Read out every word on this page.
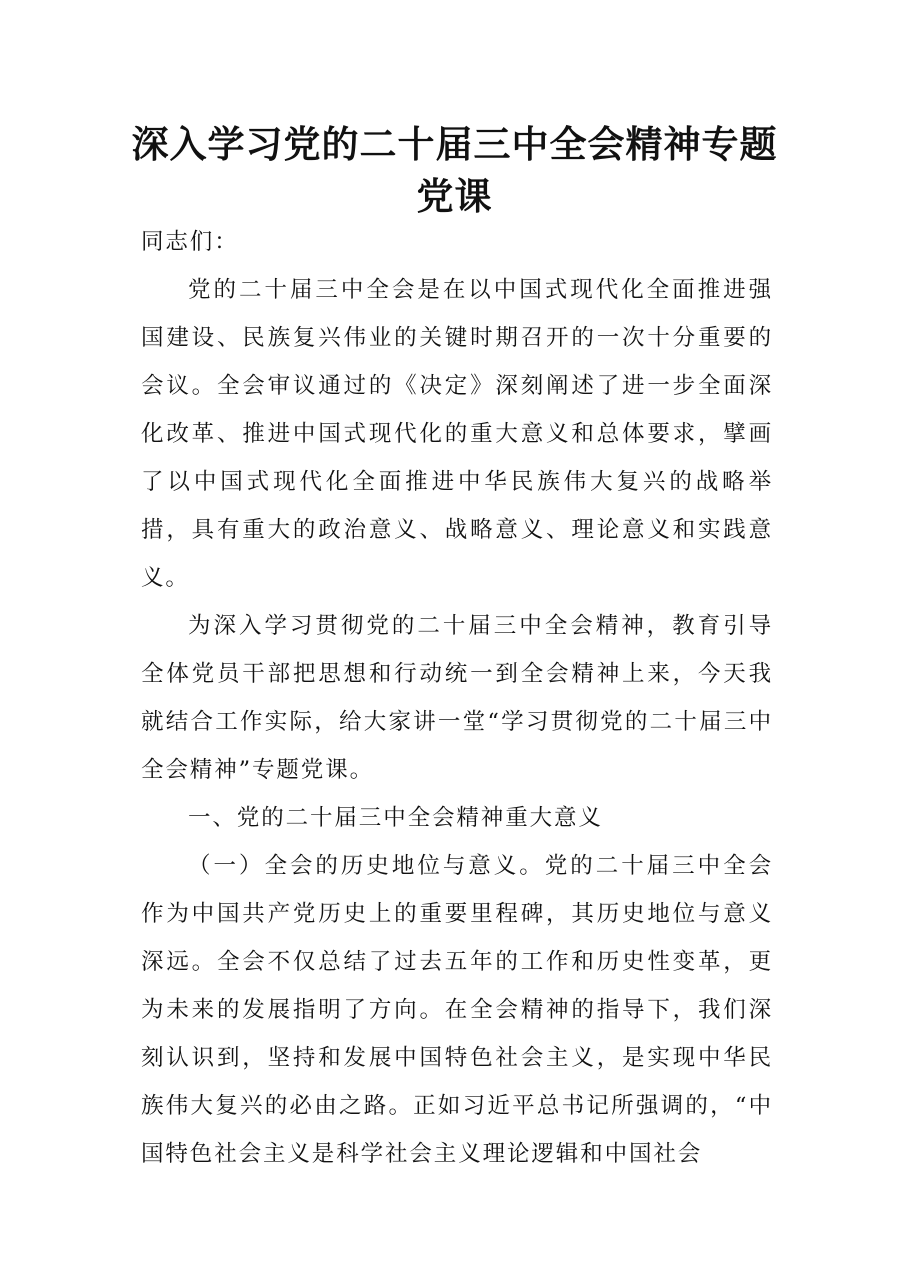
深入学习党的二十届三中全会精神专题党课

同志们：

党的二十届三中全会是在以中国式现代化全面推进强国建设、民族复兴伟业的关键时期召开的一次十分重要的会议。全会审议通过的《决定》深刻阐述了进一步全面深化改革、推进中国式现代化的重大意义和总体要求，擘画了以中国式现代化全面推进中华民族伟大复兴的战略举措，具有重大的政治意义、战略意义、理论意义和实践意义。

为深入学习贯彻党的二十届三中全会精神，教育引导全体党员干部把思想和行动统一到全会精神上来，今天我就结合工作实际，给大家讲一堂“学习贯彻党的二十届三中全会精神”专题党课。

一、党的二十届三中全会精神重大意义

（一）全会的历史地位与意义。党的二十届三中全会作为中国共产党历史上的重要里程碑，其历史地位与意义深远。全会不仅总结了过去五年的工作和历史性变革，更为未来的发展指明了方向。在全会精神的指导下，我们深刻认识到，坚持和发展中国特色社会主义，是实现中华民族伟大复兴的必由之路。正如习近平总书记所强调的，“中国特色社会主义是科学社会主义理论逻辑和中国社会
